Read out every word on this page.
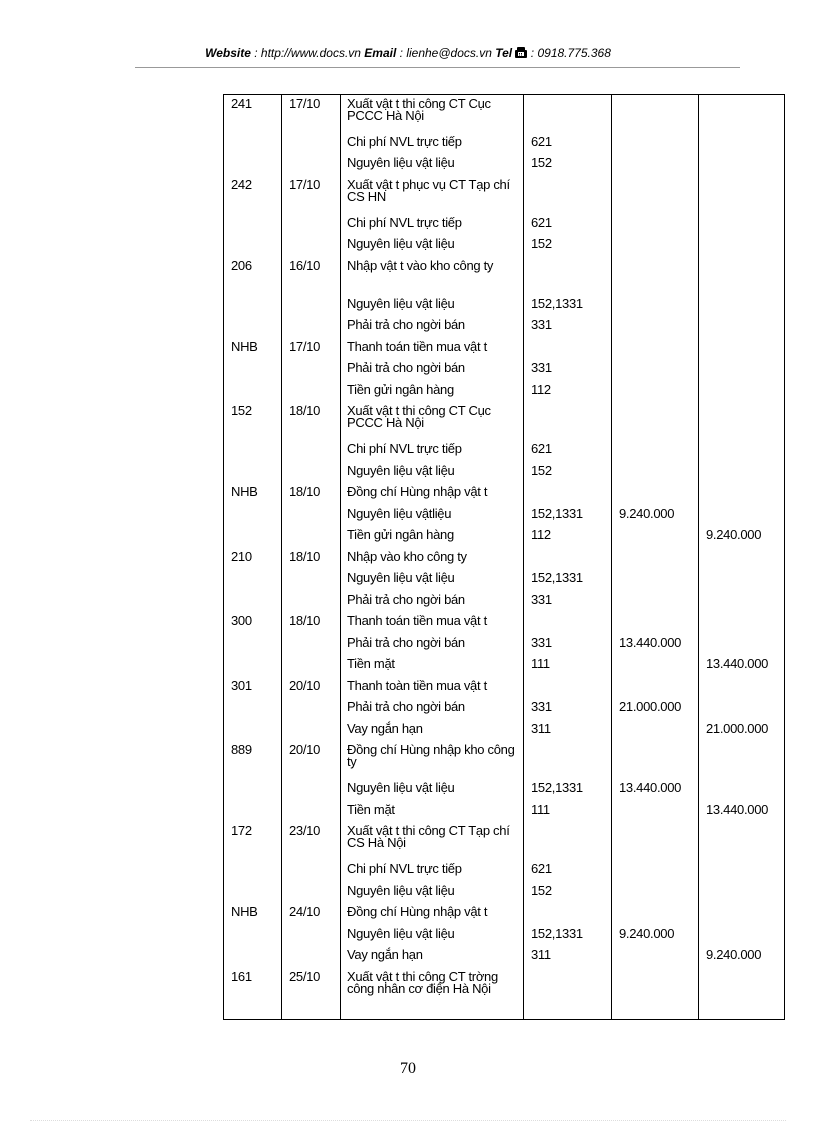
Website : http://www.docs.vn Email : lienhe@docs.vn Tel  : 0918.775.368
241	17/10	Xuất vật t thi công CT Cục PCCC Hà Nội			
		Chi phí NVL trực tiếp	621		
		Nguyên liệu vật liệu	152		
242	17/10	Xuất vật t phục vụ CT Tạp chí CS HN			
		Chi phí NVL trực tiếp	621		
		Nguyên liệu vật liệu	152		
206	16/10	Nhập vật t vào kho công ty			
		Nguyên liệu vật liệu	152,1331		
		Phải trả cho ngời bán	331		
NHB	17/10	Thanh toán tiền mua vật t			
		Phải trả cho ngời bán	331		
		Tiền gửi ngân hàng	112		
152	18/10	Xuất vật t thi công CT Cục PCCC Hà Nội			
		Chi phí NVL trực tiếp	621		
		Nguyên liệu vật liệu	152		
NHB	18/10	Đồng chí Hùng nhập vật t			
		Nguyên liệu vậtliệu	152,1331	9.240.000	
		Tiền gửi ngân hàng	112		9.240.000
210	18/10	Nhập vào kho công ty			
		Nguyên liệu vật liệu	152,1331		
		Phải trả cho ngời bán	331		
300	18/10	Thanh toán tiền mua vật t			
		Phải trả cho ngời bán	331	13.440.000	
		Tiền mặt	111		13.440.000
301	20/10	Thanh toàn tiền mua vật t			
		Phải trả cho ngời bán	331	21.000.000	
		Vay ngắn hạn	311		21.000.000
889	20/10	Đồng chí Hùng nhập kho công ty			
		Nguyên liệu vật liệu	152,1331	13.440.000	
		Tiền mặt	111		13.440.000
172	23/10	Xuất vật t thi công CT Tạp chí CS Hà Nội			
		Chi phí NVL trực tiếp	621		
		Nguyên liệu vật liệu	152		
NHB	24/10	Đồng chí Hùng nhập vật t			
		Nguyên liệu vật liệu	152,1331	9.240.000	
		Vay ngắn hạn	311		9.240.000
161	25/10	Xuất vật t thi công CT trờng công nhân cơ điện Hà Nội			
70
